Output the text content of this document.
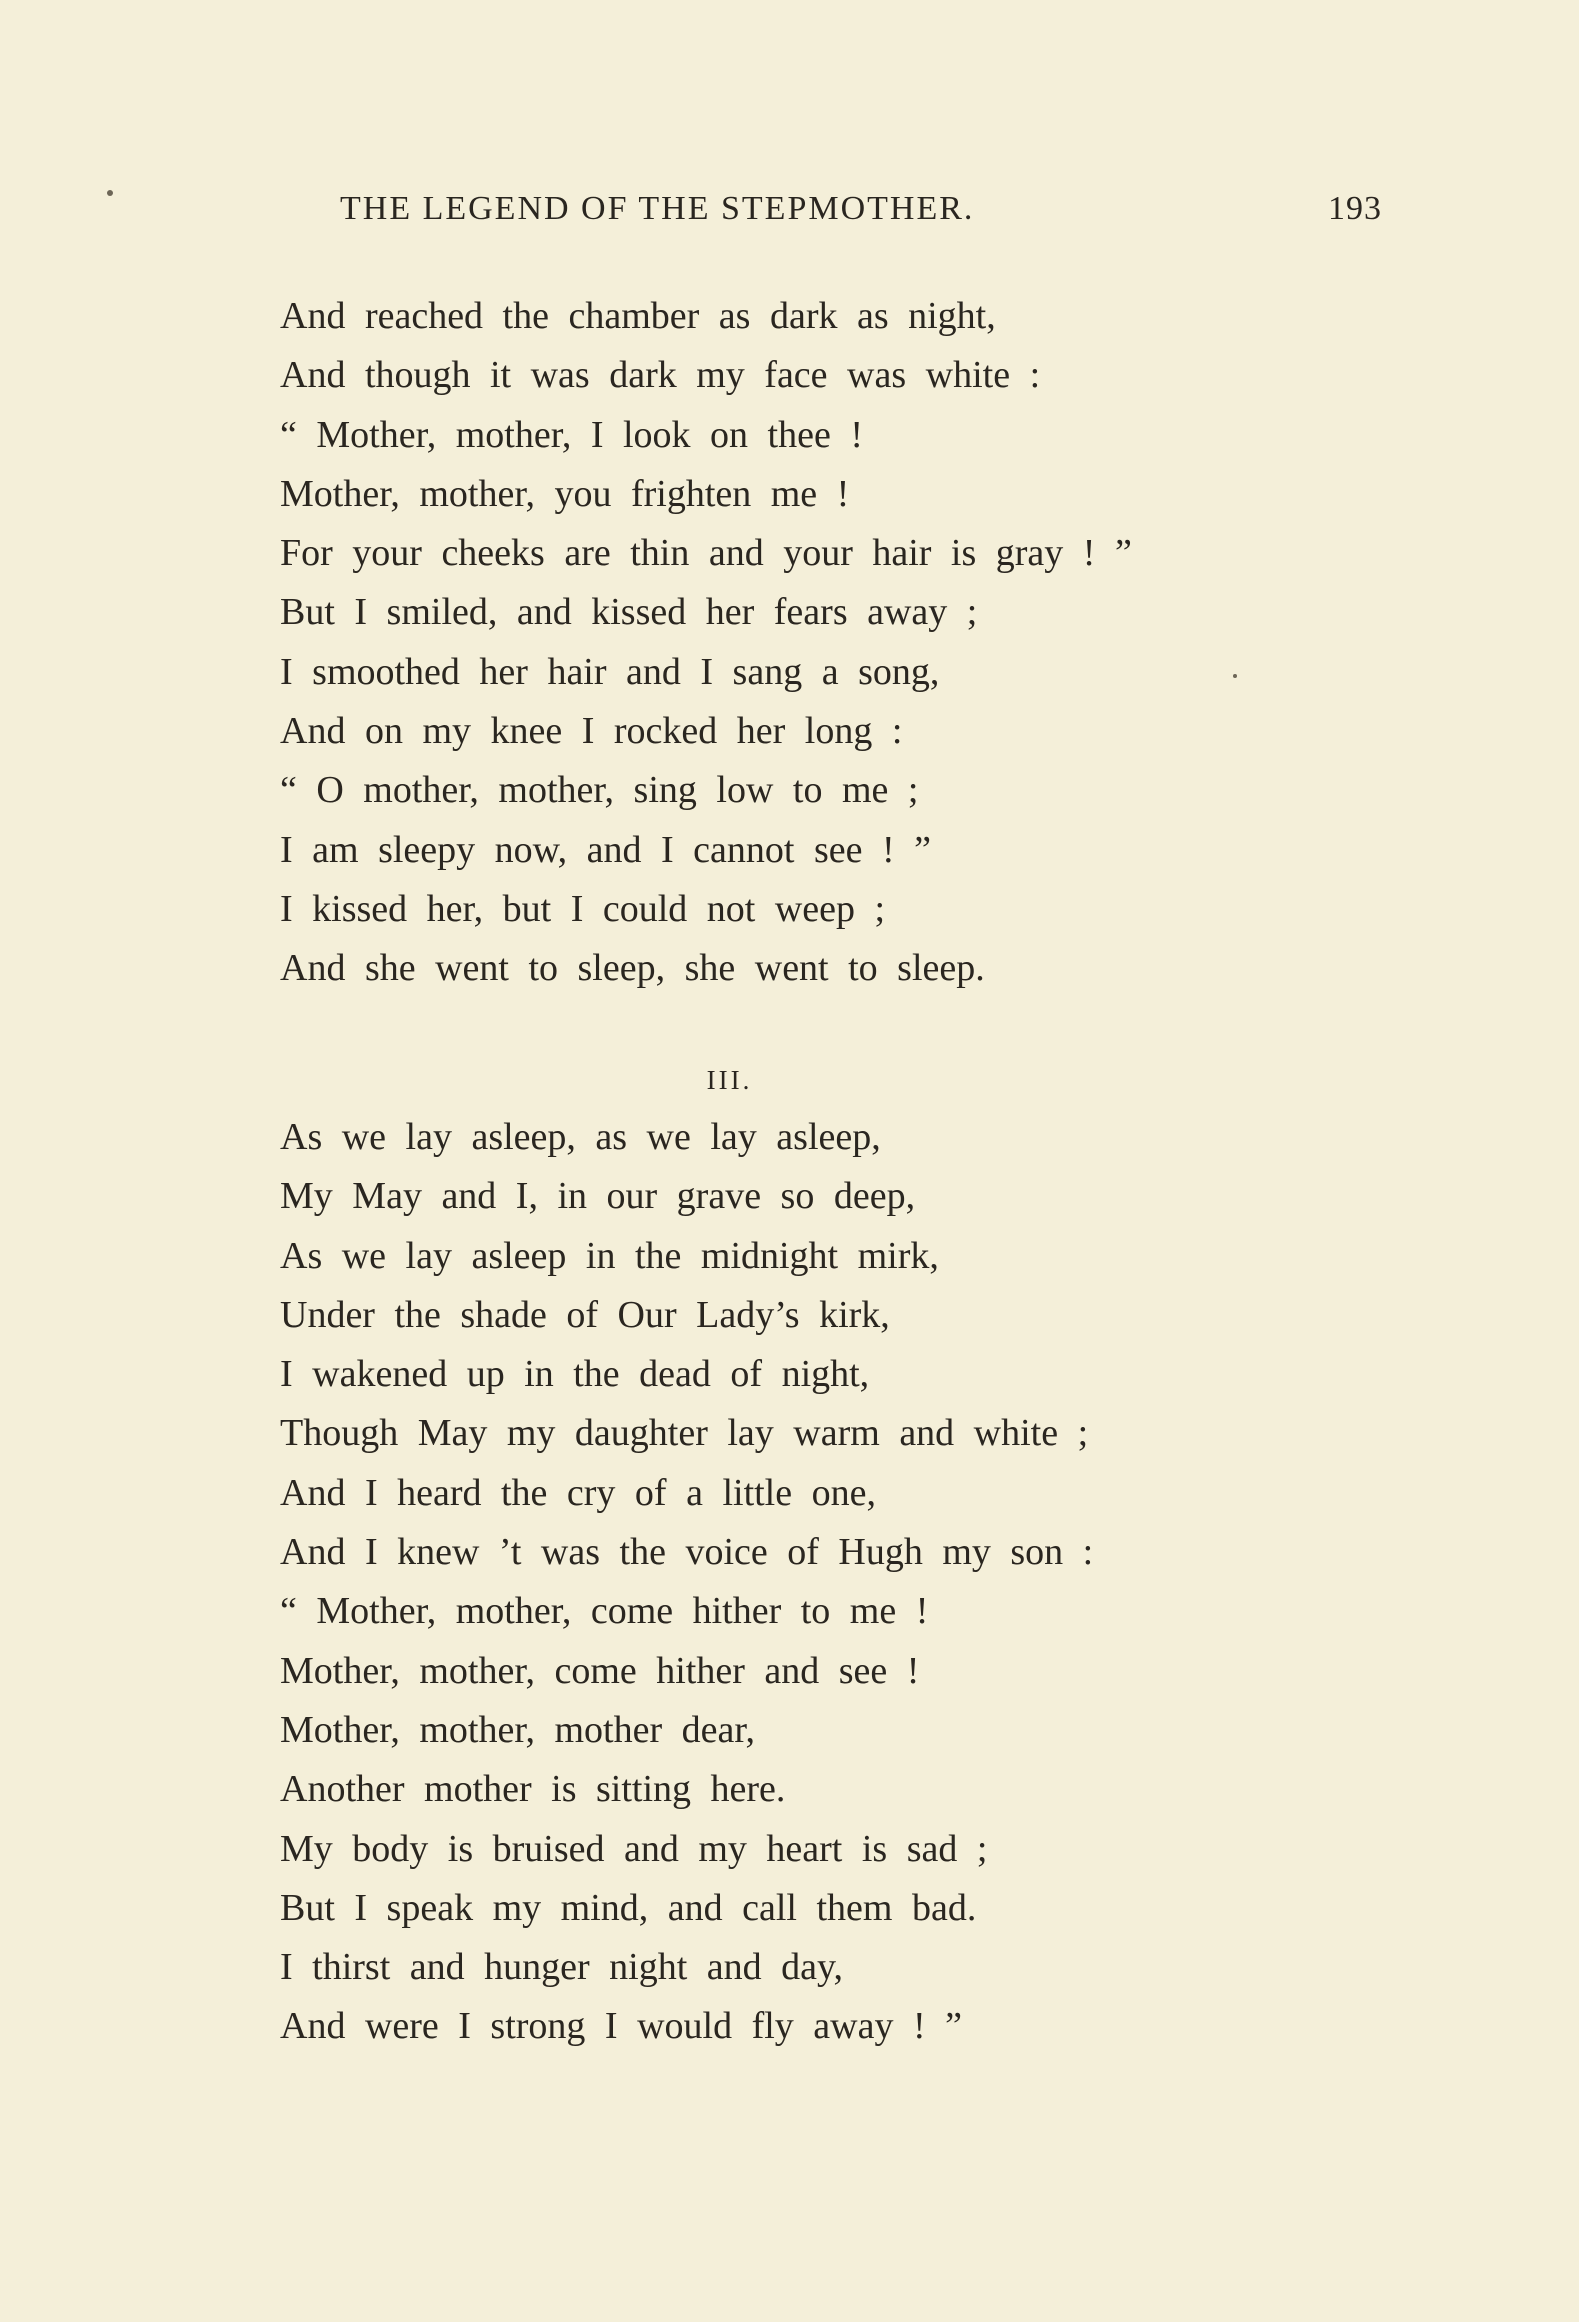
THE LEGEND OF THE STEPMOTHER.	193
And reached the chamber as dark as night,
And though it was dark my face was white :
“ Mother, mother, I look on thee !
Mother, mother, you frighten me !
For your cheeks are thin and your hair is gray ! ”
But I smiled, and kissed her fears away ;
I smoothed her hair and I sang a song,
And on my knee I rocked her long :
“ O mother, mother, sing low to me ;
I am sleepy now, and I cannot see ! ”
I kissed her, but I could not weep ;
And she went to sleep, she went to sleep.
III.
As we lay asleep, as we lay asleep,
My May and I, in our grave so deep,
As we lay asleep in the midnight mirk,
Under the shade of Our Lady’s kirk,
I wakened up in the dead of night,
Though May my daughter lay warm and white ;
And I heard the cry of a little one,
And I knew ’t was the voice of Hugh my son :
“ Mother, mother, come hither to me !
Mother, mother, come hither and see !
Mother, mother, mother dear,
Another mother is sitting here.
My body is bruised and my heart is sad ;
But I speak my mind, and call them bad.
I thirst and hunger night and day,
And were I strong I would fly away ! ”
